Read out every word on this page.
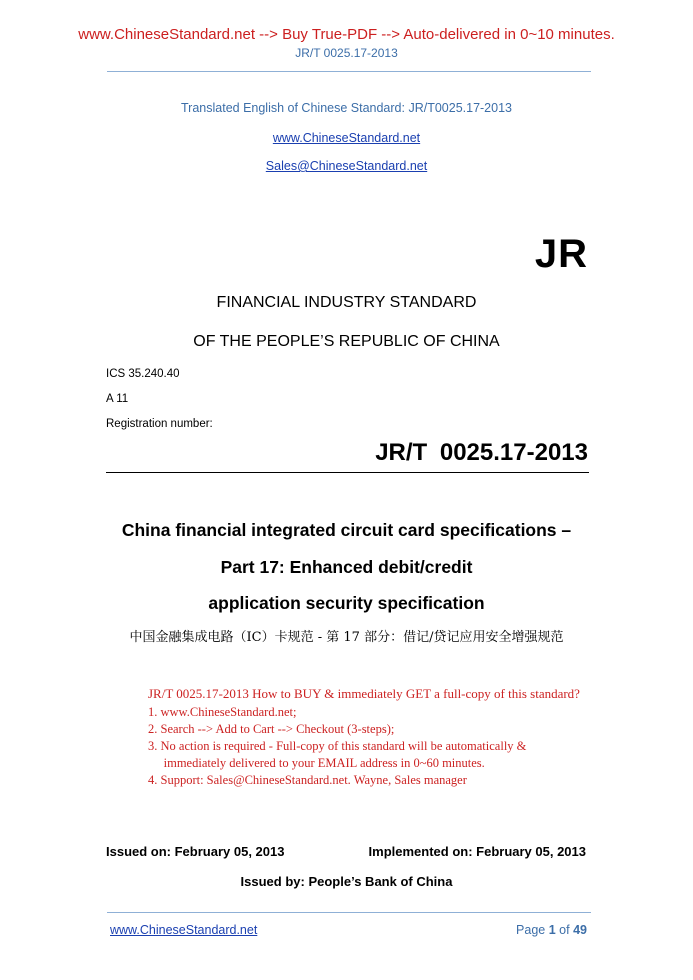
www.ChineseStandard.net --> Buy True-PDF --> Auto-delivered in 0~10 minutes.
JR/T 0025.17-2013
Translated English of Chinese Standard: JR/T0025.17-2013
www.ChineseStandard.net
Sales@ChineseStandard.net
JR
FINANCIAL INDUSTRY STANDARD
OF THE PEOPLE’S REPUBLIC OF CHINA
ICS 35.240.40
A 11
Registration number:
JR/T 0025.17-2013
China financial integrated circuit card specifications –
Part 17: Enhanced debit/credit
application security specification
中国金融集成电路（IC）卡规范 - 第 17 部分：借记/贷记应用安全增强规范
JR/T 0025.17-2013 How to BUY & immediately GET a full-copy of this standard?
1. www.ChineseStandard.net;
2. Search --> Add to Cart --> Checkout (3-steps);
3. No action is required - Full-copy of this standard will be automatically &
immediately delivered to your EMAIL address in 0~60 minutes.
4. Support: Sales@ChineseStandard.net. Wayne, Sales manager
Issued on: February 05, 2013	Implemented on: February 05, 2013
Issued by: People’s Bank of China
www.ChineseStandard.net	Page 1 of 49
